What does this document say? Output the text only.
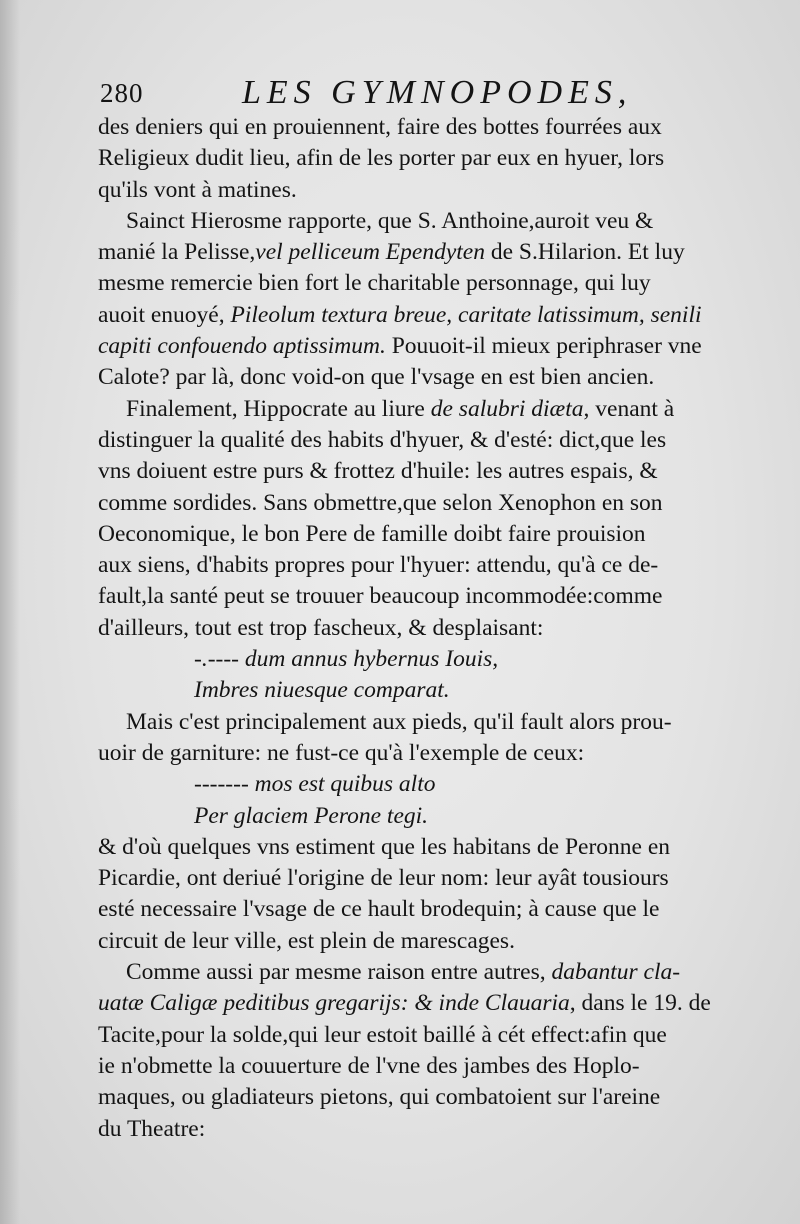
280	LES GYMNOPODES,
des deniers qui en prouiennent, faire des bottes fourrées aux
Religieux dudit lieu, afin de les porter par eux en hyuer, lors
qu'ils vont à matines.
Sainct Hierosme rapporte, que S. Anthoine,auroit veu &
manié la Pelisse,vel pelliceum Ependyten de S.Hilarion. Et luy
mesme remercie bien fort le charitable personnage, qui luy
auoit enuoyé, Pileolum textura breue, caritate latissimum, senili
capiti confouendo aptissimum. Pouuoit-il mieux periphraser vne
Calote? par là, donc void-on que l'vsage en est bien ancien.
Finalement, Hippocrate au liure de salubri diæta, venant à
distinguer la qualité des habits d'hyuer, & d'esté: dict,que les
vns doiuent estre purs & frottez d'huile: les autres espais, &
comme sordides. Sans obmettre,que selon Xenophon en son
Oeconomique, le bon Pere de famille doibt faire prouision
aux siens, d'habits propres pour l'hyuer: attendu, qu'à ce de-
fault,la santé peut se trouuer beaucoup incommodée:comme
d'ailleurs, tout est trop fascheux, & desplaisant:
-.---- dum annus hybernus Iouis,
Imbres niuesque comparat.
Mais c'est principalement aux pieds, qu'il fault alors prou-
uoir de garniture: ne fust-ce qu'à l'exemple de ceux:
------- mos est quibus alto
Per glaciem Perone tegi.
& d'où quelques vns estiment que les habitans de Peronne en
Picardie, ont deriué l'origine de leur nom: leur ayât tousiours
esté necessaire l'vsage de ce hault brodequin; à cause que le
circuit de leur ville, est plein de marescages.
Comme aussi par mesme raison entre autres, dabantur cla-
uatæ Caligæ peditibus gregarijs: & inde Clauaria, dans le 19. de
Tacite,pour la solde,qui leur estoit baillé à cét effect:afin que
ie n'obmette la couuerture de l'vne des jambes des Hoplo-
maques, ou gladiateurs pietons, qui combatoient sur l'areine
du Theatre:
